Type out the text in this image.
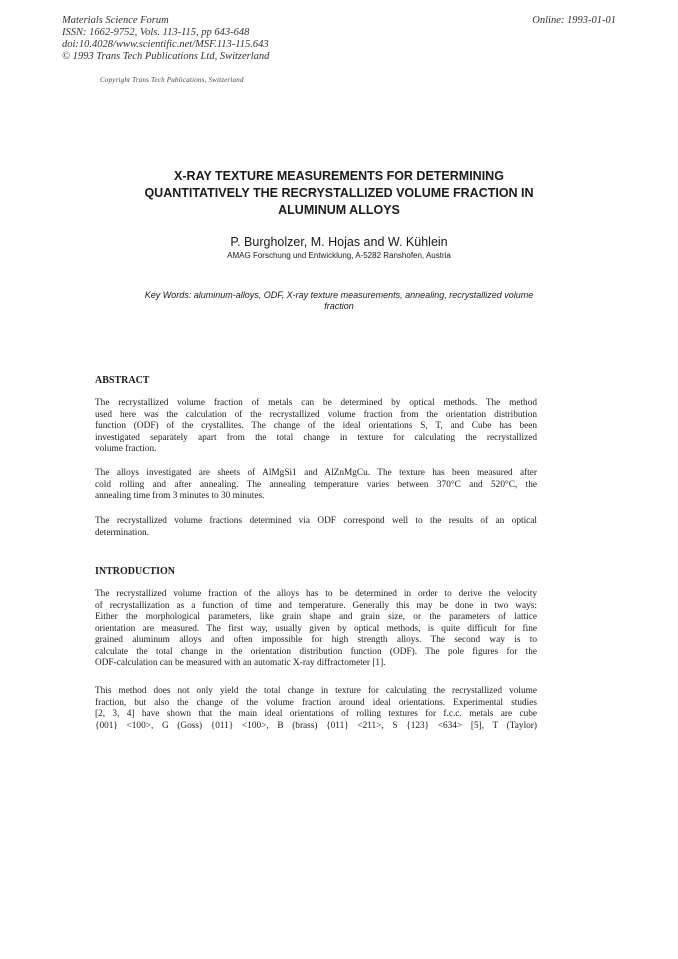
Materials Science Forum
ISSN: 1662-9752, Vols. 113-115, pp 643-648
doi:10.4028/www.scientific.net/MSF.113-115.643
© 1993 Trans Tech Publications Ltd, Switzerland
Online: 1993-01-01
Copyright Trans Tech Publications, Switzerland
X-RAY TEXTURE MEASUREMENTS FOR DETERMINING
QUANTITATIVELY THE RECRYSTALLIZED VOLUME FRACTION IN
ALUMINUM ALLOYS
P. Burgholzer, M. Hojas and W. Kühlein
AMAG Forschung und Entwicklung, A-5282 Ranshofen, Austria
Key Words: aluminum-alloys, ODF, X-ray texture measurements, annealing, recrystallized volume
fraction
ABSTRACT
The recrystallized volume fraction of metals can be determined by optical methods. The method
used here was the calculation of the recrystallized volume fraction from the orientation distribution
function (ODF) of the crystallites. The change of the ideal orientations S, T, and Cube has been
investigated separately apart from the total change in texture for calculating the recrystallized
volume fraction.
The alloys investigated are sheets of AlMgSi1 and AlZnMgCu. The texture has been measured after
cold rolling and after annealing. The annealing temperature varies between 370°C and 520°C, the
annealing time from 3 minutes to 30 minutes.
The recrystallized volume fractions determined via ODF correspond well to the results of an optical
determination.
INTRODUCTION
The recrystallized volume fraction of the alloys has to be determined in order to derive the velocity
of recrystallization as a function of time and temperature. Generally this may be done in two ways:
Either the morphological parameters, like grain shape and grain size, or the parameters of lattice
orientation are measured. The first way, usually given by optical methods, is quite difficult for fine
grained aluminum alloys and often impossible for high strength alloys. The second way is to
calculate the total change in the orientation distribution function (ODF). The pole figures for the
ODF-calculation can be measured with an automatic X-ray diffractometer [1].
This method does not only yield the total change in texture for calculating the recrystallized volume
fraction, but also the change of the volume fraction around ideal orientations. Experimental studies
[2, 3, 4] have shown that the main ideal orientations of rolling textures for f.c.c. metals are cube
{001} <100>, G (Goss) {011} <100>, B (brass) {011} <211>, S {123} <634> [5], T (Taylor)
